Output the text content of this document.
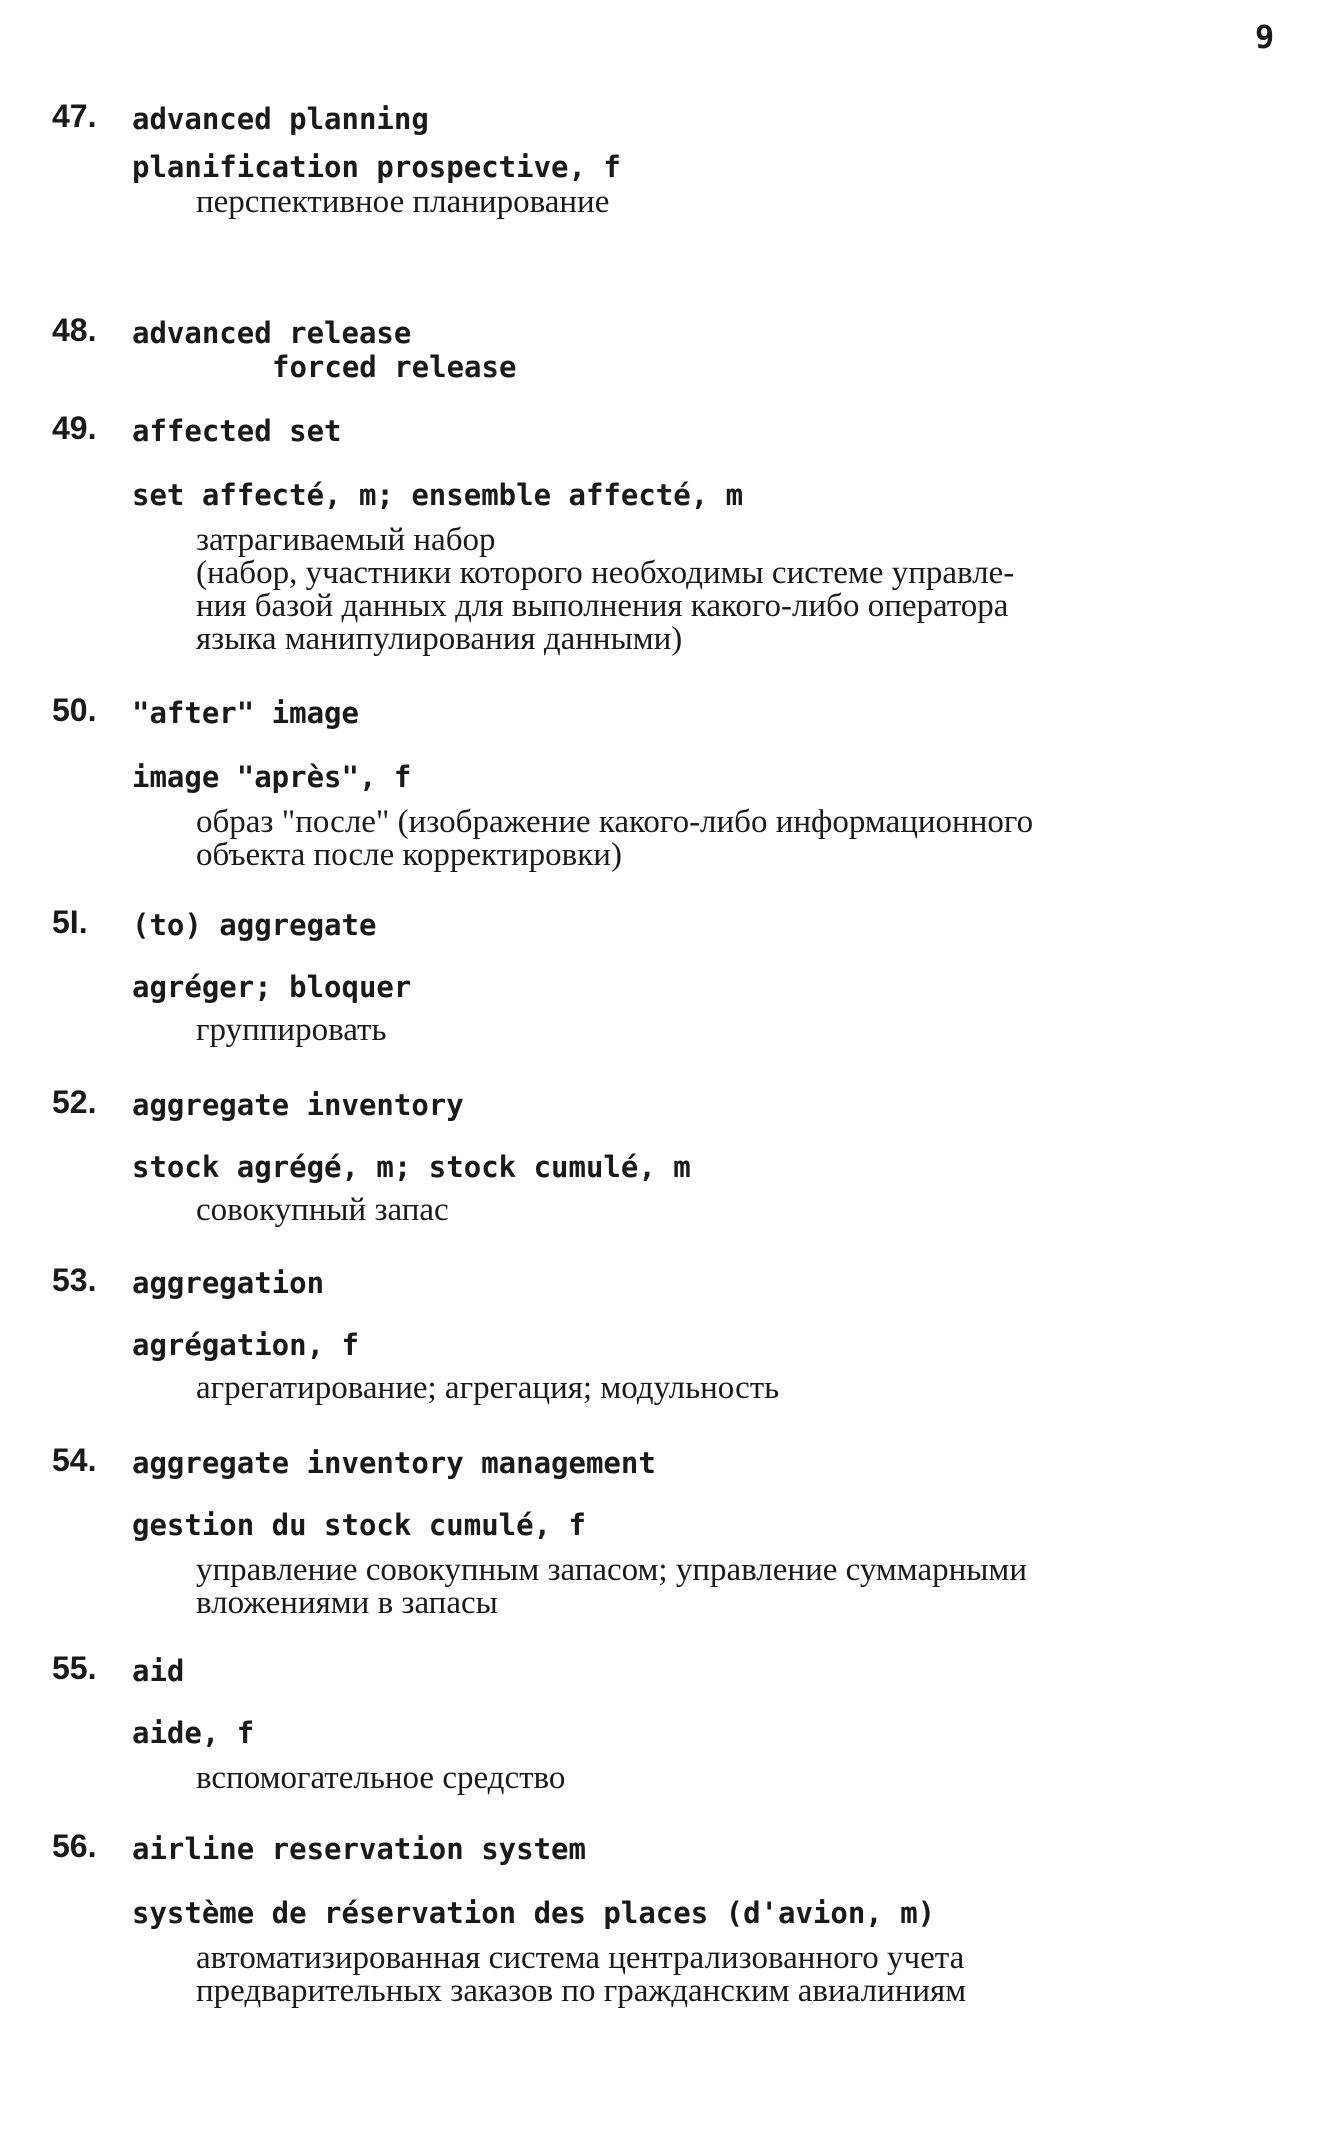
9
47. advanced planning
planification prospective, f

перспективное планирование

48. advanced release
forced release
49. affected set
set affecté, m; ensemble affecté, m

затрагиваемый набор
(набор, участники которого необходимы системе управле-
ния базой данных для выполнения какого-либо оператора
языка манипулирования данными)

50. "after" image
image "après", f

образ "после" (изображение какого-либо информационного
объекта после корректировки)

5I. (to) aggregate
agréger; bloquer

группировать

52. aggregate inventory
stock agrégé, m; stock cumulé, m

совокупный запас

53. aggregation
agrégation, f

агрегатирование; агрегация; модульность

54. aggregate inventory management
gestion du stock cumulé, f

управление совокупным запасом; управление суммарными
вложениями в запасы

55. aid
aide, f

вспомогательное средство

56. airline reservation system
système de réservation des places (d'avion, m)

автоматизированная система централизованного учета
предварительных заказов по гражданским авиалиниям
